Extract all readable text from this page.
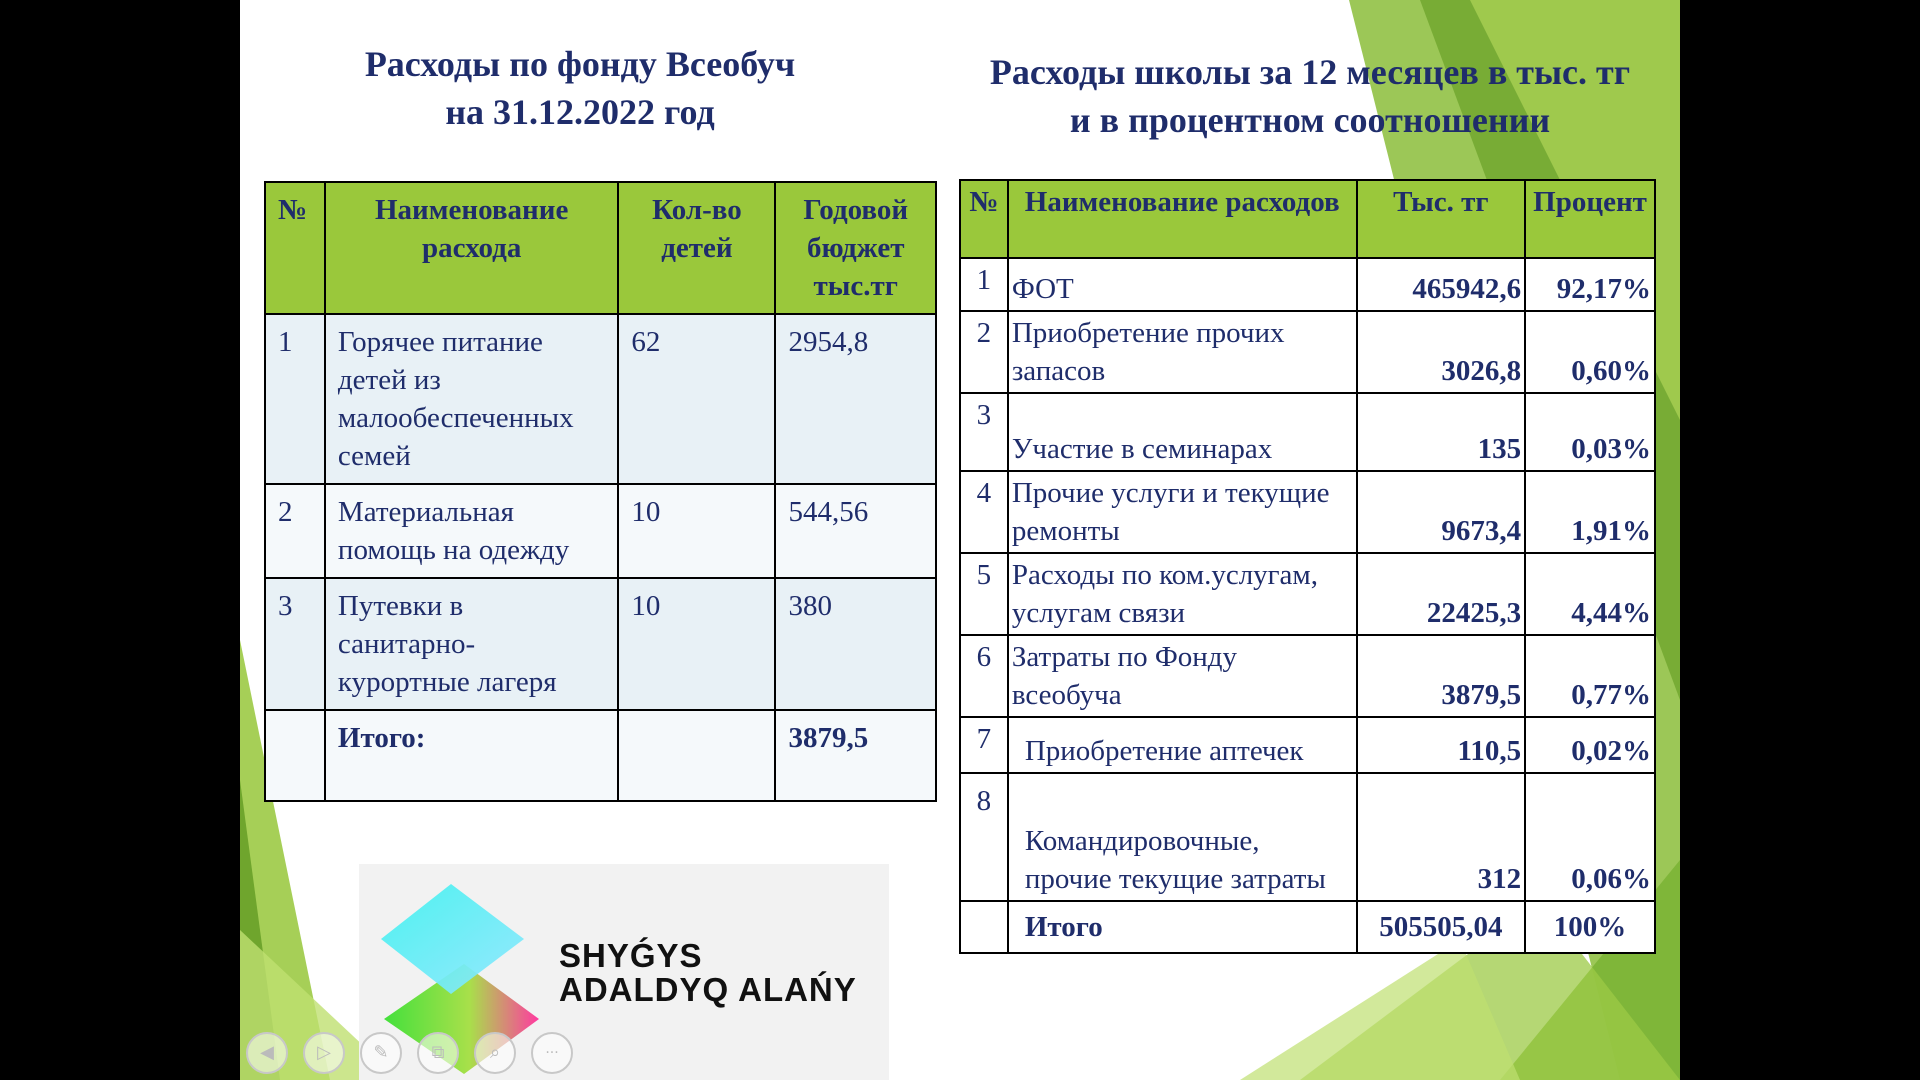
Расходы по фонду Всеобуч
на 31.12.2022 год
Расходы школы за 12 месяцев в тыс. тг
и в процентном соотношении
№	Наименование расхода	Кол-во детей	Годовой бюджет тыс.тг
1	Горячее питание детей из малообеспеченных семей	62	2954,8
2	Материальная помощь на одежду	10	544,56
3	Путевки в санитарно-курортные лагеря	10	380
	Итого:		3879,5
№	Наименование расходов	Тыс. тг	Процент
1	ФОТ	465942,6	92,17%
2	Приобретение прочих запасов	3026,8	0,60%
3	Участие в семинарах	135	0,03%
4	Прочие услуги и текущие ремонты	9673,4	1,91%
5	Расходы по ком.услугам, услугам связи	22425,3	4,44%
6	Затраты по Фонду всеобуча	3879,5	0,77%
7	Приобретение аптечек	110,5	0,02%
8	Командировочные, прочие текущие затраты	312	0,06%
	Итого	505505,04	100%
SHYǴYS
ADALDYQ ALAŃY
◀	▷	✎	⧉	⌕	···
